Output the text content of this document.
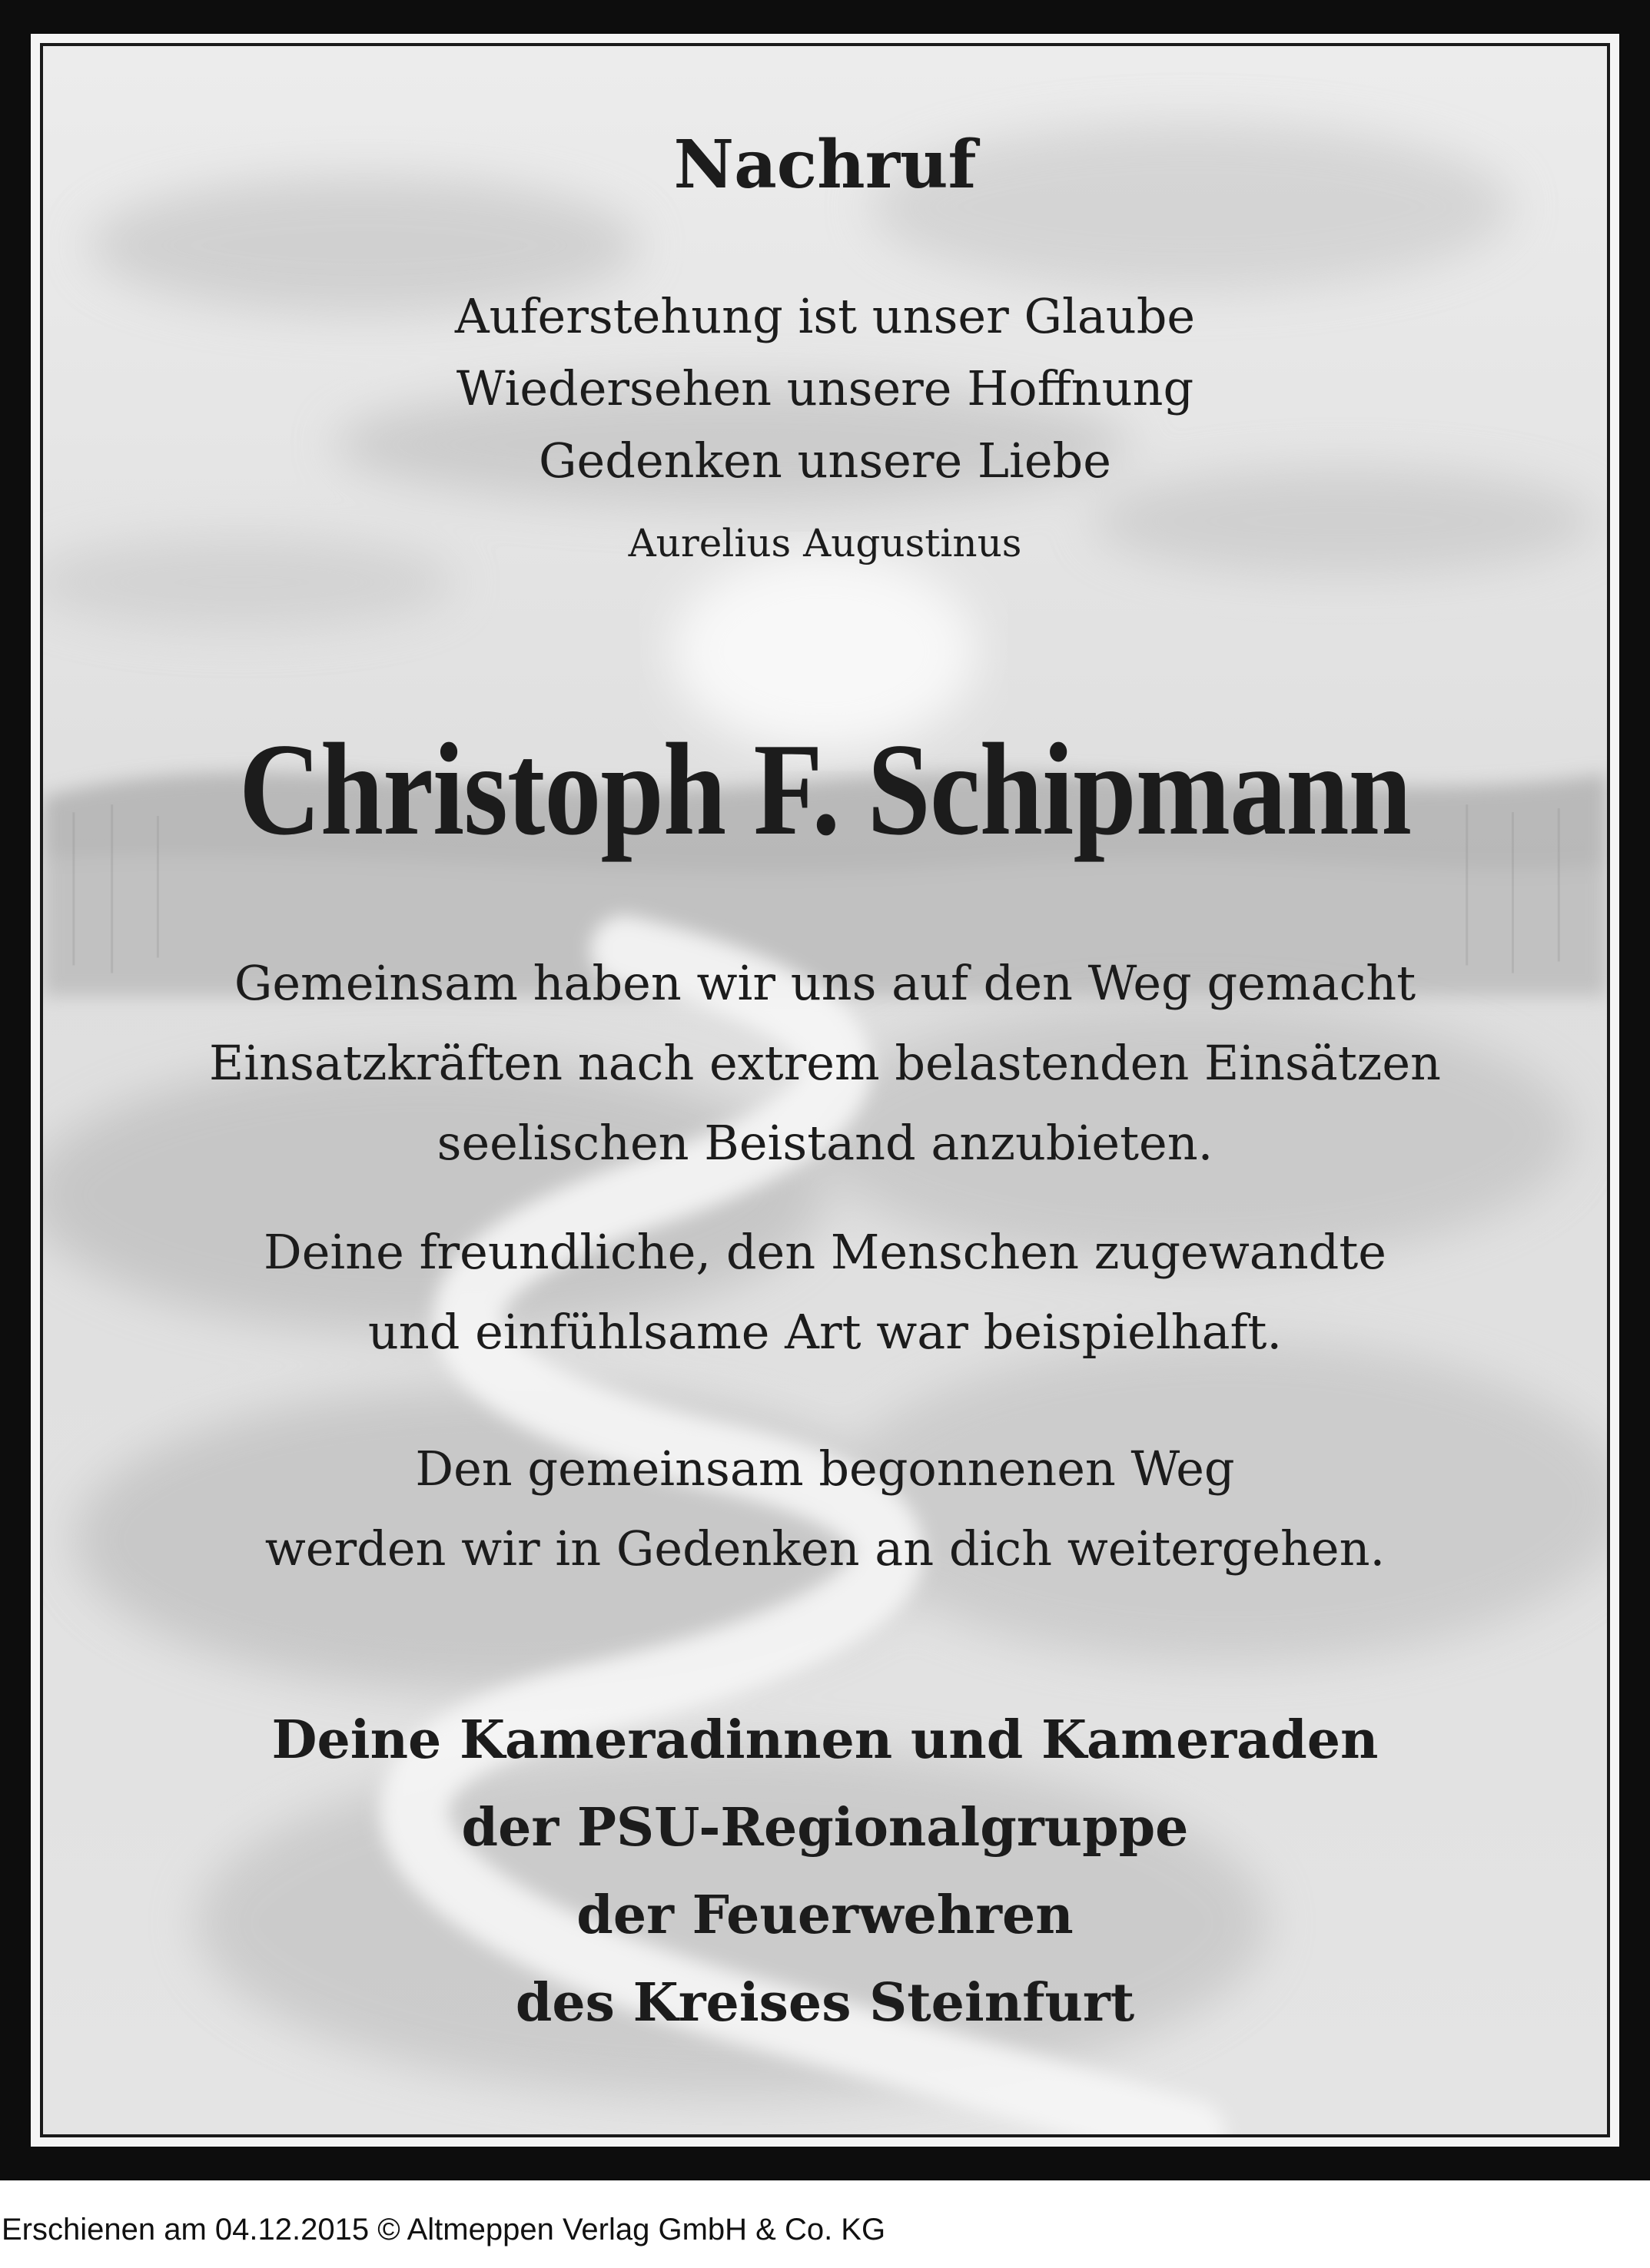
Nachruf
Auferstehung ist unser Glaube
Wiedersehen unsere Hoffnung
Gedenken unsere Liebe
Aurelius Augustinus
Christoph F. Schipmann
Gemeinsam haben wir uns auf den Weg gemacht
Einsatzkräften nach extrem belastenden Einsätzen
seelischen Beistand anzubieten.
Deine freundliche, den Menschen zugewandte
und einfühlsame Art war beispielhaft.
Den gemeinsam begonnenen Weg
werden wir in Gedenken an dich weitergehen.
Deine Kameradinnen und Kameraden
der PSU-Regionalgruppe
der Feuerwehren
des Kreises Steinfurt
Erschienen am 04.12.2015 © Altmeppen Verlag GmbH & Co. KG
